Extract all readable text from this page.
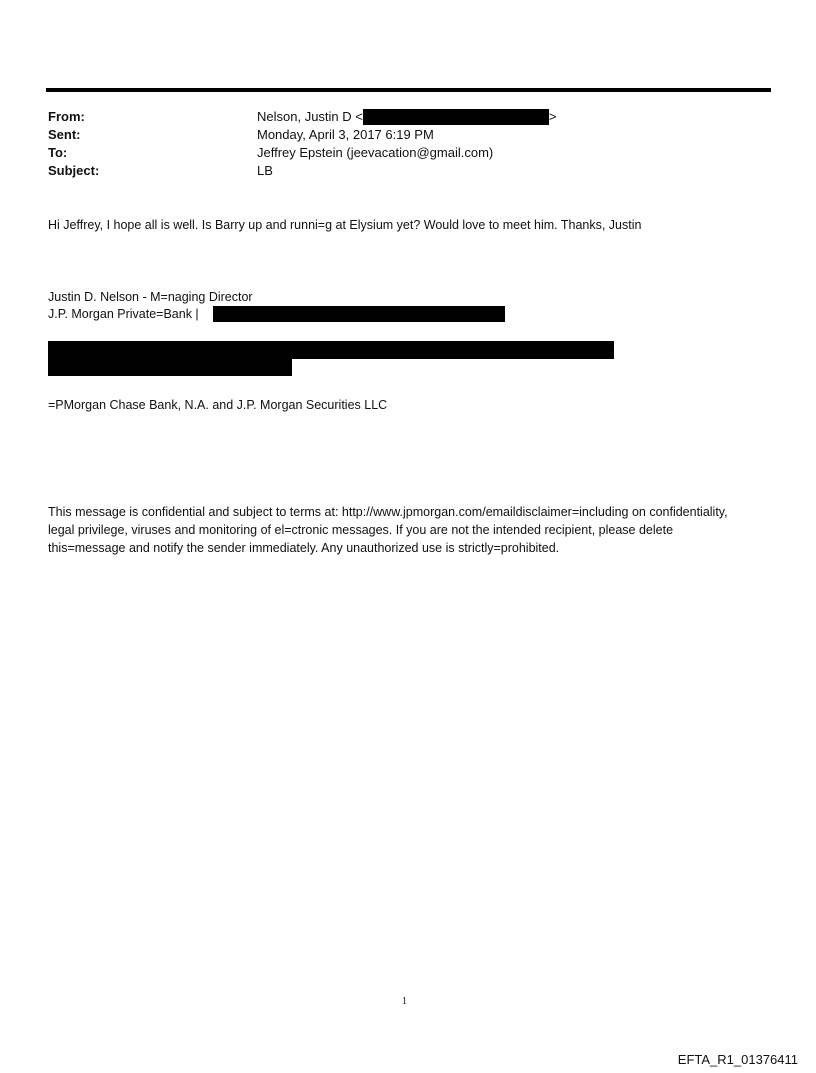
From:
Sent:
To:
Subject:
Nelson, Justin D <	>
Monday, April 3, 2017 6:19 PM
Jeffrey Epstein (jeevacation@gmail.com)
LB
Hi Jeffrey, I hope all is well. Is Barry up and runni=g at Elysium yet? Would love to meet him. Thanks, Justin
Justin D. Nelson - M=naging Director
J.P. Morgan Private=Bank |
=PMorgan Chase Bank, N.A. and J.P. Morgan Securities LLC
This message is confidential and subject to terms at: http://www.jpmorgan.com/emaildisclaimer=including on confidentiality, legal privilege, viruses and monitoring of el=ctronic messages. If you are not the intended recipient, please delete this=message and notify the sender immediately. Any unauthorized use is strictly=prohibited.
1
EFTA_R1_01376411
